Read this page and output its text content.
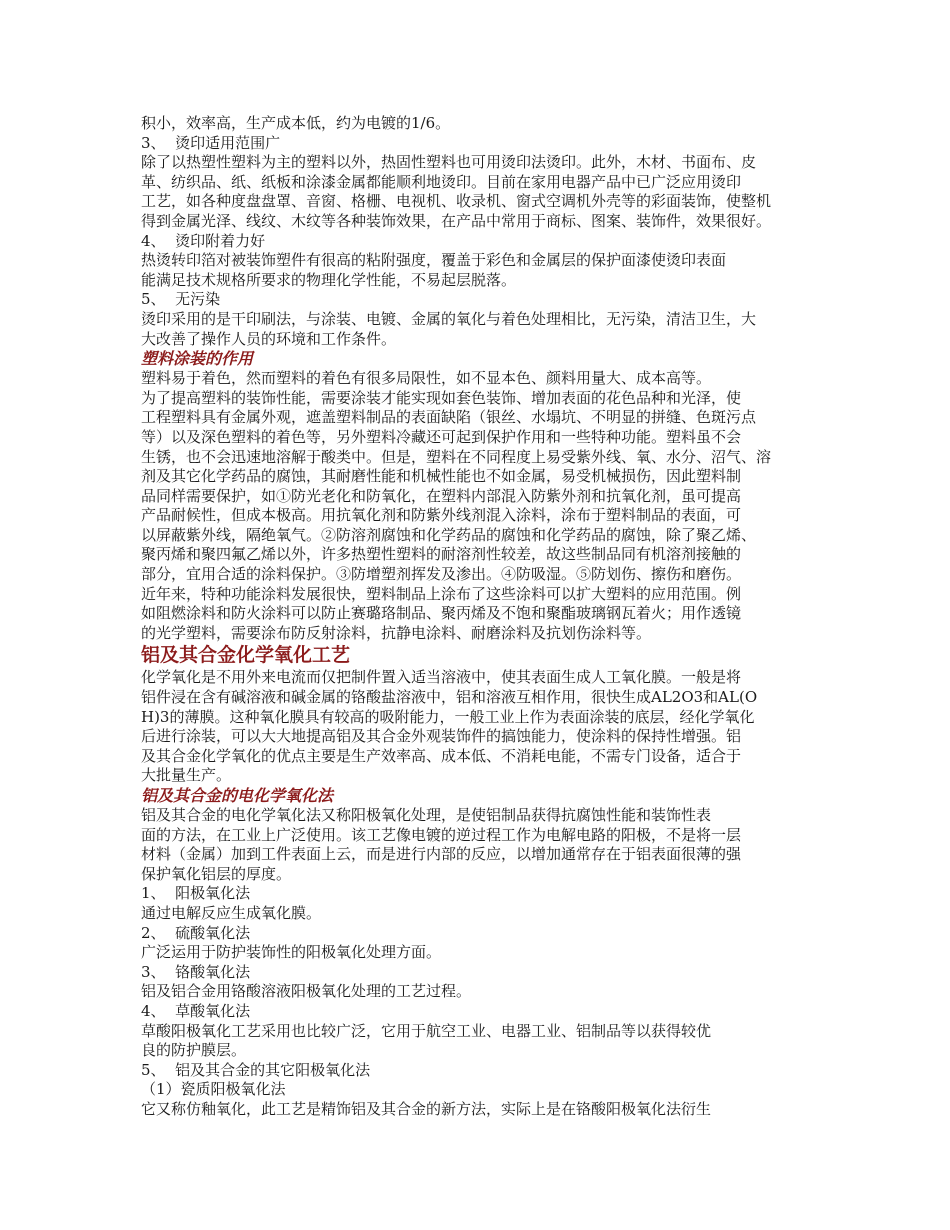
积小，效率高，生产成本低，约为电镀的1/6。
3、  烫印适用范围广
除了以热塑性塑料为主的塑料以外，热固性塑料也可用烫印法烫印。此外，木材、书面布、皮
革、纺织品、纸、纸板和涂漆金属都能顺利地烫印。目前在家用电器产品中已广泛应用烫印
工艺，如各种度盘盘罩、音窗、格栅、电视机、收录机、窗式空调机外壳等的彩面装饰，使整机
得到金属光泽、线纹、木纹等各种装饰效果，在产品中常用于商标、图案、装饰件，效果很好。
4、  烫印附着力好
热烫转印箔对被装饰塑件有很高的粘附强度，覆盖于彩色和金属层的保护面漆使烫印表面
能满足技术规格所要求的物理化学性能，不易起层脱落。
5、  无污染
烫印采用的是干印刷法，与涂装、电镀、金属的氧化与着色处理相比，无污染，清洁卫生，大
大改善了操作人员的环境和工作条件。
塑料涂装的作用
塑料易于着色，然而塑料的着色有很多局限性，如不显本色、颜料用量大、成本高等。
为了提高塑料的装饰性能，需要涂装才能实现如套色装饰、增加表面的花色品种和光泽，使
工程塑料具有金属外观，遮盖塑料制品的表面缺陷（银丝、水塌坑、不明显的拼缝、色斑污点
等）以及深色塑料的着色等，另外塑料冷藏还可起到保护作用和一些特种功能。塑料虽不会
生锈，也不会迅速地溶解于酸类中。但是，塑料在不同程度上易受紫外线、氧、水分、沼气、溶
剂及其它化学药品的腐蚀，其耐磨性能和机械性能也不如金属，易受机械损伤，因此塑料制
品同样需要保护，如①防光老化和防氧化，在塑料内部混入防紫外剂和抗氧化剂，虽可提高
产品耐候性，但成本极高。用抗氧化剂和防紫外线剂混入涂料，涂布于塑料制品的表面，可
以屏蔽紫外线，隔绝氧气。②防溶剂腐蚀和化学药品的腐蚀和化学药品的腐蚀，除了聚乙烯、
聚丙烯和聚四氟乙烯以外，许多热塑性塑料的耐溶剂性较差，故这些制品同有机溶剂接触的
部分，宜用合适的涂料保护。③防增塑剂挥发及渗出。④防吸湿。⑤防划伤、擦伤和磨伤。
近年来，特种功能涂料发展很快，塑料制品上涂布了这些涂料可以扩大塑料的应用范围。例
如阻燃涂料和防火涂料可以防止赛璐珞制品、聚丙烯及不饱和聚酯玻璃钢瓦着火；用作透镜
的光学塑料，需要涂布防反射涂料，抗静电涂料、耐磨涂料及抗划伤涂料等。
铝及其合金化学氧化工艺
化学氧化是不用外来电流而仅把制件置入适当溶液中，使其表面生成人工氧化膜。一般是将
铝件浸在含有碱溶液和碱金属的铬酸盐溶液中，铝和溶液互相作用，很快生成AL2O3和AL(O
H)3的薄膜。这种氧化膜具有较高的吸附能力，一般工业上作为表面涂装的底层，经化学氧化
后进行涂装，可以大大地提高铝及其合金外观装饰件的搞蚀能力，使涂料的保持性增强。铝
及其合金化学氧化的优点主要是生产效率高、成本低、不消耗电能，不需专门设备，适合于
大批量生产。
铝及其合金的电化学氧化法
铝及其合金的电化学氧化法又称阳极氧化处理，是使铝制品获得抗腐蚀性能和装饰性表
面的方法，在工业上广泛使用。该工艺像电镀的逆过程工作为电解电路的阳极，不是将一层
材料（金属）加到工件表面上云，而是进行内部的反应，以增加通常存在于铝表面很薄的强
保护氧化铝层的厚度。
1、  阳极氧化法
通过电解反应生成氧化膜。
2、  硫酸氧化法
广泛运用于防护装饰性的阳极氧化处理方面。
3、  铬酸氧化法
铝及铝合金用铬酸溶液阳极氧化处理的工艺过程。
4、  草酸氧化法
草酸阳极氧化工艺采用也比较广泛，它用于航空工业、电器工业、铝制品等以获得较优
良的防护膜层。
5、  铝及其合金的其它阳极氧化法
（1）瓷质阳极氧化法
它又称仿釉氧化，此工艺是精饰铝及其合金的新方法，实际上是在铬酸阳极氧化法衍生
